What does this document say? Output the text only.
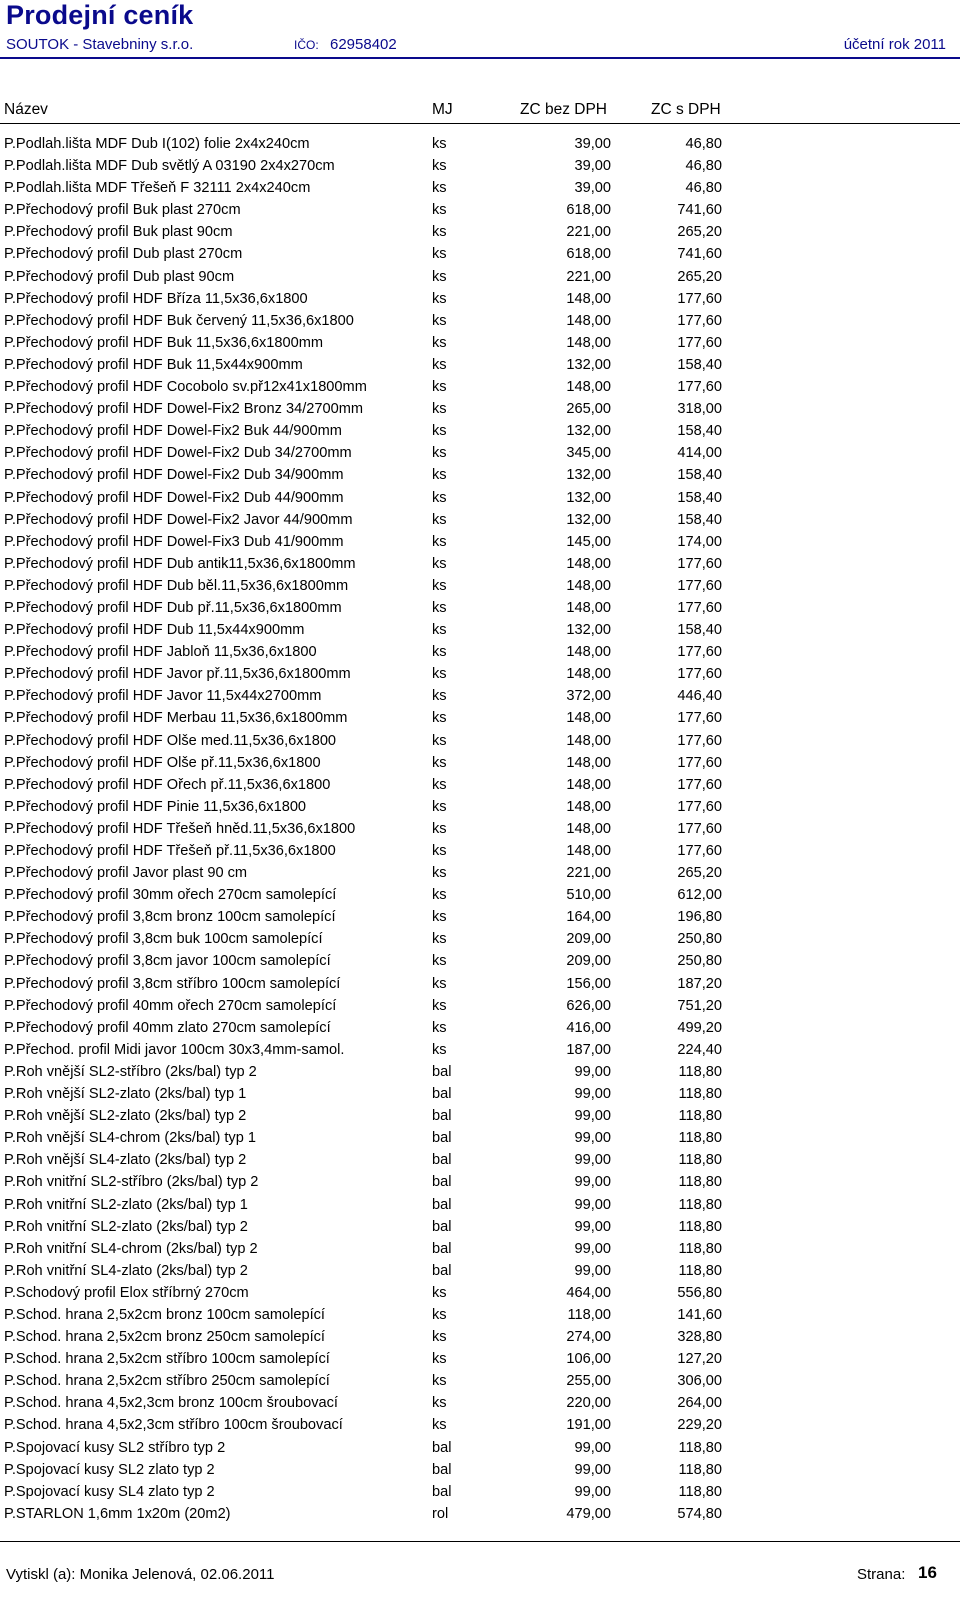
Prodejní ceník
SOUTOK - Stavebniny s.r.o.	IČO: 62958402	účetní rok 2011
Název	MJ	ZC bez DPH	ZC s DPH
P.Podlah.lišta MDF Dub I(102) folie 2x4x240cm	ks	39,00	46,80
P.Podlah.lišta MDF Dub světlý A 03190 2x4x270cm	ks	39,00	46,80
P.Podlah.lišta MDF Třešeň F 32111 2x4x240cm	ks	39,00	46,80
P.Přechodový profil Buk plast 270cm	ks	618,00	741,60
P.Přechodový profil Buk plast 90cm	ks	221,00	265,20
P.Přechodový profil Dub plast 270cm	ks	618,00	741,60
P.Přechodový profil Dub plast 90cm	ks	221,00	265,20
P.Přechodový profil HDF Bříza 11,5x36,6x1800	ks	148,00	177,60
P.Přechodový profil HDF Buk červený 11,5x36,6x1800	ks	148,00	177,60
P.Přechodový profil HDF Buk 11,5x36,6x1800mm	ks	148,00	177,60
P.Přechodový profil HDF Buk 11,5x44x900mm	ks	132,00	158,40
P.Přechodový profil HDF Cocobolo sv.př12x41x1800mm	ks	148,00	177,60
P.Přechodový profil HDF Dowel-Fix2 Bronz 34/2700mm	ks	265,00	318,00
P.Přechodový profil HDF Dowel-Fix2 Buk 44/900mm	ks	132,00	158,40
P.Přechodový profil HDF Dowel-Fix2 Dub 34/2700mm	ks	345,00	414,00
P.Přechodový profil HDF Dowel-Fix2 Dub 34/900mm	ks	132,00	158,40
P.Přechodový profil HDF Dowel-Fix2 Dub 44/900mm	ks	132,00	158,40
P.Přechodový profil HDF Dowel-Fix2 Javor 44/900mm	ks	132,00	158,40
P.Přechodový profil HDF Dowel-Fix3 Dub 41/900mm	ks	145,00	174,00
P.Přechodový profil HDF Dub antik11,5x36,6x1800mm	ks	148,00	177,60
P.Přechodový profil HDF Dub běl.11,5x36,6x1800mm	ks	148,00	177,60
P.Přechodový profil HDF Dub př.11,5x36,6x1800mm	ks	148,00	177,60
P.Přechodový profil HDF Dub 11,5x44x900mm	ks	132,00	158,40
P.Přechodový profil HDF Jabloň 11,5x36,6x1800	ks	148,00	177,60
P.Přechodový profil HDF Javor př.11,5x36,6x1800mm	ks	148,00	177,60
P.Přechodový profil HDF Javor 11,5x44x2700mm	ks	372,00	446,40
P.Přechodový profil HDF Merbau 11,5x36,6x1800mm	ks	148,00	177,60
P.Přechodový profil HDF Olše med.11,5x36,6x1800	ks	148,00	177,60
P.Přechodový profil HDF Olše př.11,5x36,6x1800	ks	148,00	177,60
P.Přechodový profil HDF Ořech př.11,5x36,6x1800	ks	148,00	177,60
P.Přechodový profil HDF Pinie 11,5x36,6x1800	ks	148,00	177,60
P.Přechodový profil HDF Třešeň hněd.11,5x36,6x1800	ks	148,00	177,60
P.Přechodový profil HDF Třešeň př.11,5x36,6x1800	ks	148,00	177,60
P.Přechodový profil Javor plast 90 cm	ks	221,00	265,20
P.Přechodový profil 30mm ořech 270cm samolepící	ks	510,00	612,00
P.Přechodový profil 3,8cm bronz 100cm samolepící	ks	164,00	196,80
P.Přechodový profil 3,8cm buk 100cm samolepící	ks	209,00	250,80
P.Přechodový profil 3,8cm javor 100cm samolepící	ks	209,00	250,80
P.Přechodový profil 3,8cm stříbro 100cm samolepící	ks	156,00	187,20
P.Přechodový profil 40mm ořech 270cm samolepící	ks	626,00	751,20
P.Přechodový profil 40mm zlato 270cm samolepící	ks	416,00	499,20
P.Přechod. profil Midi javor 100cm 30x3,4mm-samol.	ks	187,00	224,40
P.Roh vnější SL2-stříbro (2ks/bal) typ 2	bal	99,00	118,80
P.Roh vnější SL2-zlato (2ks/bal) typ 1	bal	99,00	118,80
P.Roh vnější SL2-zlato (2ks/bal) typ 2	bal	99,00	118,80
P.Roh vnější SL4-chrom (2ks/bal) typ 1	bal	99,00	118,80
P.Roh vnější SL4-zlato (2ks/bal) typ 2	bal	99,00	118,80
P.Roh vnitřní SL2-stříbro (2ks/bal) typ 2	bal	99,00	118,80
P.Roh vnitřní SL2-zlato (2ks/bal) typ 1	bal	99,00	118,80
P.Roh vnitřní SL2-zlato (2ks/bal) typ 2	bal	99,00	118,80
P.Roh vnitřní SL4-chrom (2ks/bal) typ 2	bal	99,00	118,80
P.Roh vnitřní SL4-zlato (2ks/bal) typ 2	bal	99,00	118,80
P.Schodový profil Elox stříbrný 270cm	ks	464,00	556,80
P.Schod. hrana 2,5x2cm bronz 100cm samolepící	ks	118,00	141,60
P.Schod. hrana 2,5x2cm bronz 250cm samolepící	ks	274,00	328,80
P.Schod. hrana 2,5x2cm stříbro 100cm samolepící	ks	106,00	127,20
P.Schod. hrana 2,5x2cm stříbro 250cm samolepící	ks	255,00	306,00
P.Schod. hrana 4,5x2,3cm bronz 100cm šroubovací	ks	220,00	264,00
P.Schod. hrana 4,5x2,3cm stříbro 100cm šroubovací	ks	191,00	229,20
P.Spojovací kusy SL2 stříbro typ 2	bal	99,00	118,80
P.Spojovací kusy SL2 zlato typ 2	bal	99,00	118,80
P.Spojovací kusy SL4 zlato typ 2	bal	99,00	118,80
P.STARLON 1,6mm 1x20m (20m2)	rol	479,00	574,80
Vytiskl (a): Monika Jelenová, 02.06.2011	Strana: 16
